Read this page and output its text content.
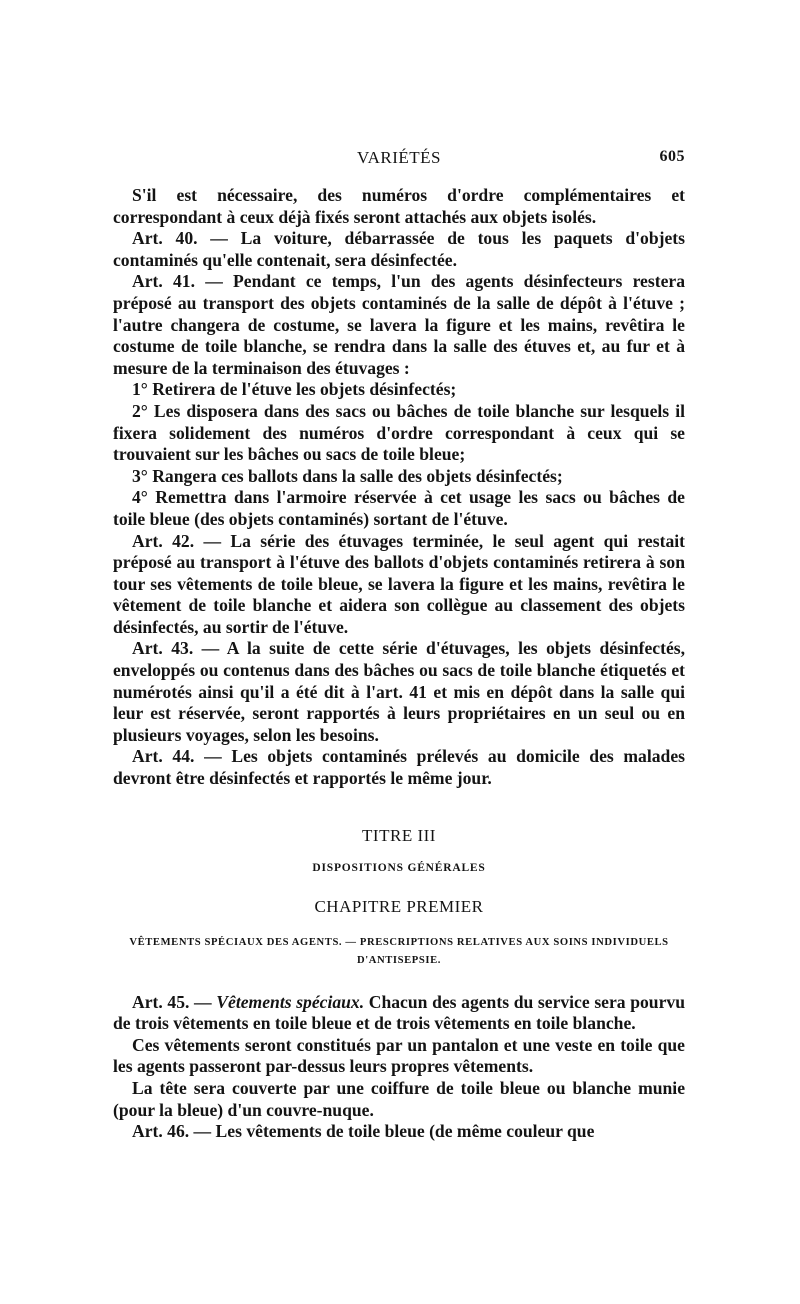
VARIÉTÉS	605

S'il est nécessaire, des numéros d'ordre complémentaires et correspondant à ceux déjà fixés seront attachés aux objets isolés.

Art. 40. — La voiture, débarrassée de tous les paquets d'objets contaminés qu'elle contenait, sera désinfectée.

Art. 41. — Pendant ce temps, l'un des agents désinfecteurs restera préposé au transport des objets contaminés de la salle de dépôt à l'étuve ; l'autre changera de costume, se lavera la figure et les mains, revêtira le costume de toile blanche, se rendra dans la salle des étuves et, au fur et à mesure de la terminaison des étuvages :

1° Retirera de l'étuve les objets désinfectés;

2° Les disposera dans des sacs ou bâches de toile blanche sur lesquels il fixera solidement des numéros d'ordre correspondant à ceux qui se trouvaient sur les bâches ou sacs de toile bleue;

3° Rangera ces ballots dans la salle des objets désinfectés;

4° Remettra dans l'armoire réservée à cet usage les sacs ou bâches de toile bleue (des objets contaminés) sortant de l'étuve.

Art. 42. — La série des étuvages terminée, le seul agent qui restait préposé au transport à l'étuve des ballots d'objets contaminés retirera à son tour ses vêtements de toile bleue, se lavera la figure et les mains, revêtira le vêtement de toile blanche et aidera son collègue au classement des objets désinfectés, au sortir de l'étuve.

Art. 43. — A la suite de cette série d'étuvages, les objets désinfectés, enveloppés ou contenus dans des bâches ou sacs de toile blanche étiquetés et numérotés ainsi qu'il a été dit à l'art. 41 et mis en dépôt dans la salle qui leur est réservée, seront rapportés à leurs propriétaires en un seul ou en plusieurs voyages, selon les besoins.

Art. 44. — Les objets contaminés prélevés au domicile des malades devront être désinfectés et rapportés le même jour.

TITRE III
DISPOSITIONS GÉNÉRALES
CHAPITRE PREMIER
VÊTEMENTS SPÉCIAUX DES AGENTS. — PRESCRIPTIONS RELATIVES AUX SOINS INDIVIDUELS D'ANTISEPSIE.

Art. 45. — Vêtements spéciaux. Chacun des agents du service sera pourvu de trois vêtements en toile bleue et de trois vêtements en toile blanche.

Ces vêtements seront constitués par un pantalon et une veste en toile que les agents passeront par-dessus leurs propres vêtements.

La tête sera couverte par une coiffure de toile bleue ou blanche munie (pour la bleue) d'un couvre-nuque.

Art. 46. — Les vêtements de toile bleue (de même couleur que
